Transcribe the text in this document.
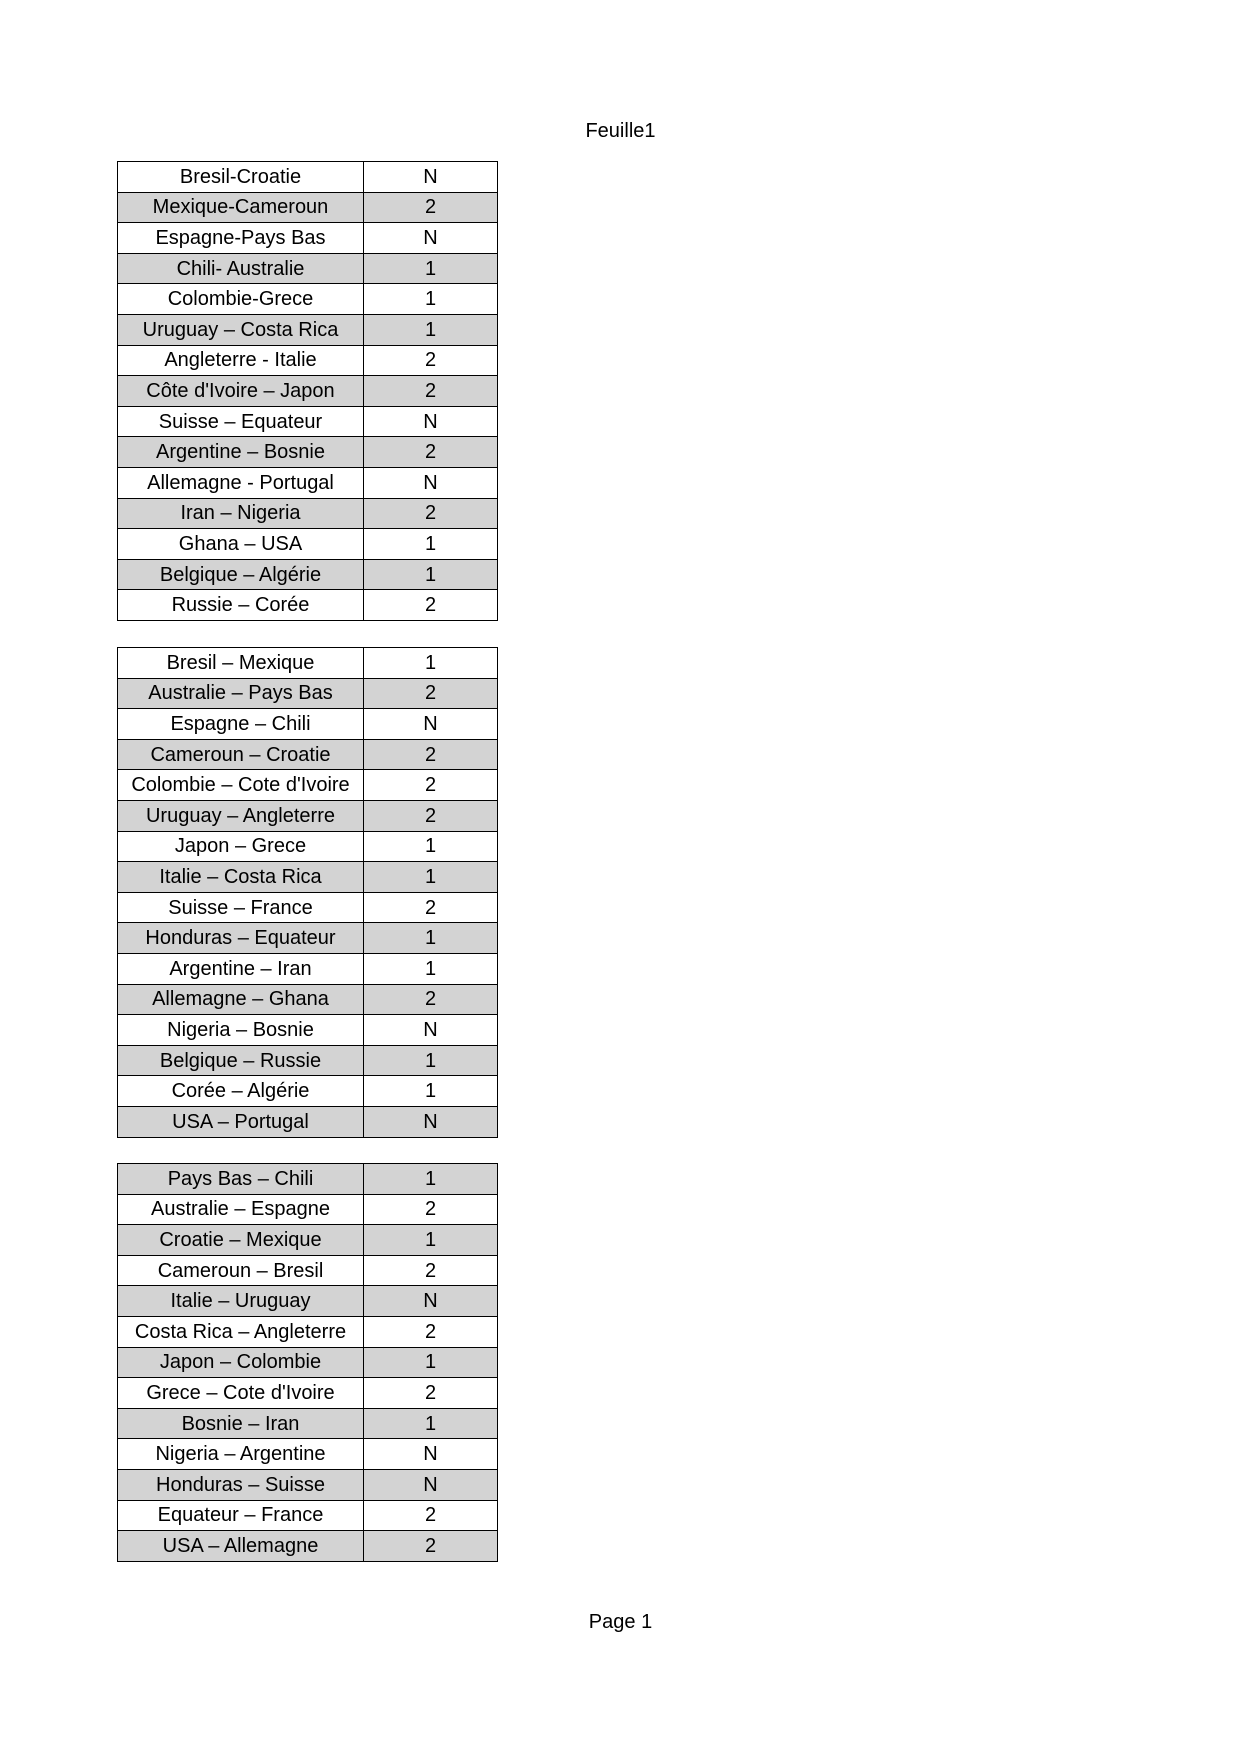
Feuille1
Bresil-Croatie	N
Mexique-Cameroun	2
Espagne-Pays Bas	N
Chili- Australie	1
Colombie-Grece	1
Uruguay – Costa Rica	1
Angleterre - Italie	2
Côte d'Ivoire – Japon	2
Suisse – Equateur	N
Argentine – Bosnie	2
Allemagne - Portugal	N
Iran – Nigeria	2
Ghana – USA	1
Belgique – Algérie	1
Russie – Corée	2
Bresil – Mexique	1
Australie – Pays Bas	2
Espagne – Chili	N
Cameroun – Croatie	2
Colombie – Cote d'Ivoire	2
Uruguay – Angleterre	2
Japon – Grece	1
Italie – Costa Rica	1
Suisse – France	2
Honduras – Equateur	1
Argentine – Iran	1
Allemagne – Ghana	2
Nigeria – Bosnie	N
Belgique – Russie	1
Corée – Algérie	1
USA – Portugal	N
Pays Bas – Chili	1
Australie – Espagne	2
Croatie – Mexique	1
Cameroun – Bresil	2
Italie – Uruguay	N
Costa Rica – Angleterre	2
Japon – Colombie	1
Grece – Cote d'Ivoire	2
Bosnie – Iran	1
Nigeria – Argentine	N
Honduras – Suisse	N
Equateur – France	2
USA – Allemagne	2
Page 1
